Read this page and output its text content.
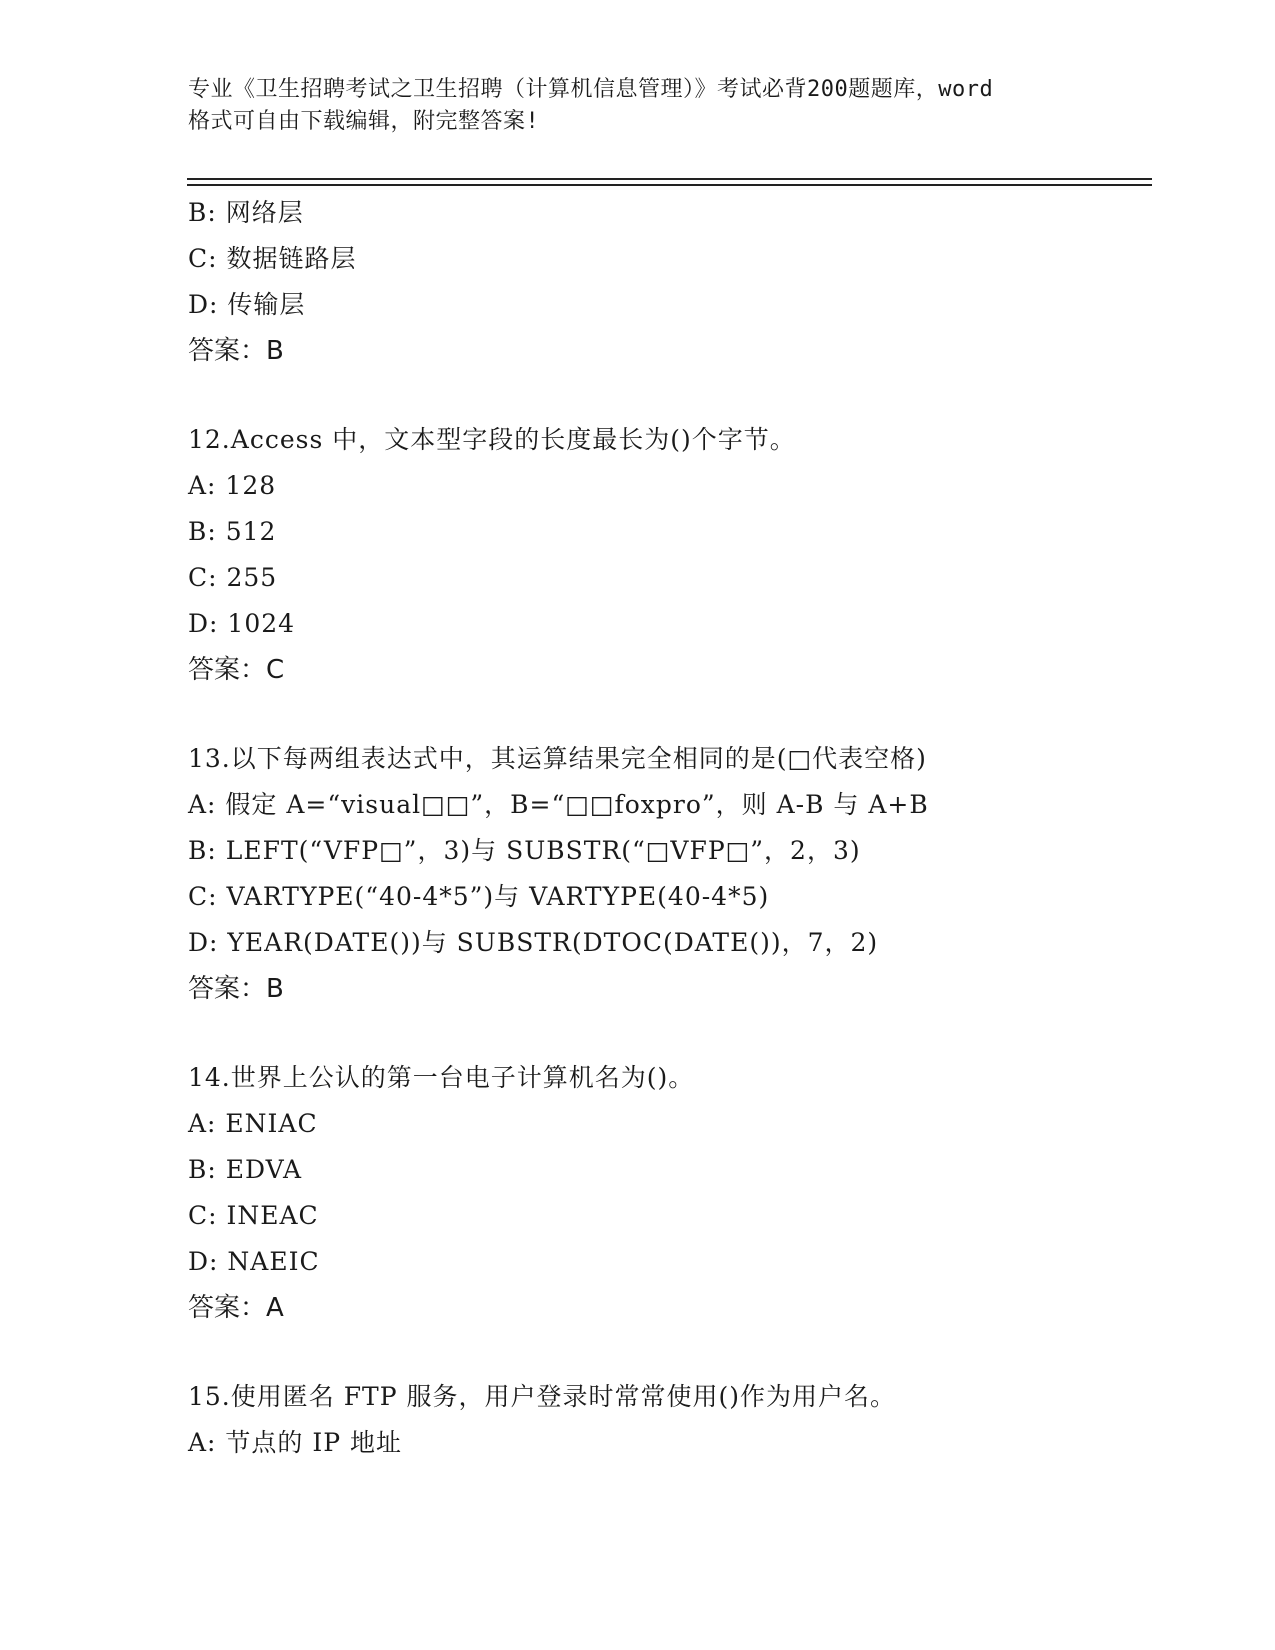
专业《卫生招聘考试之卫生招聘（计算机信息管理）》考试必背200题题库，word
格式可自由下载编辑，附完整答案!
B: 网络层
C: 数据链路层
D: 传输层
答案：B
12.Access 中，文本型字段的长度最长为()个字节。
A: 128
B: 512
C: 255
D: 1024
答案：C
13.以下每两组表达式中，其运算结果完全相同的是(□代表空格)
A: 假定 A=“visual□□”，B=“□□foxpro”，则 A-B 与 A+B
B: LEFT(“VFP□”，3)与 SUBSTR(“□VFP□”，2，3)
C: VARTYPE(“40-4*5”)与 VARTYPE(40-4*5)
D: YEAR(DATE())与 SUBSTR(DTOC(DATE())，7，2)
答案：B
14.世界上公认的第一台电子计算机名为()。
A: ENIAC
B: EDVA
C: INEAC
D: NAEIC
答案：A
15.使用匿名 FTP 服务，用户登录时常常使用()作为用户名。
A: 节点的 IP 地址
